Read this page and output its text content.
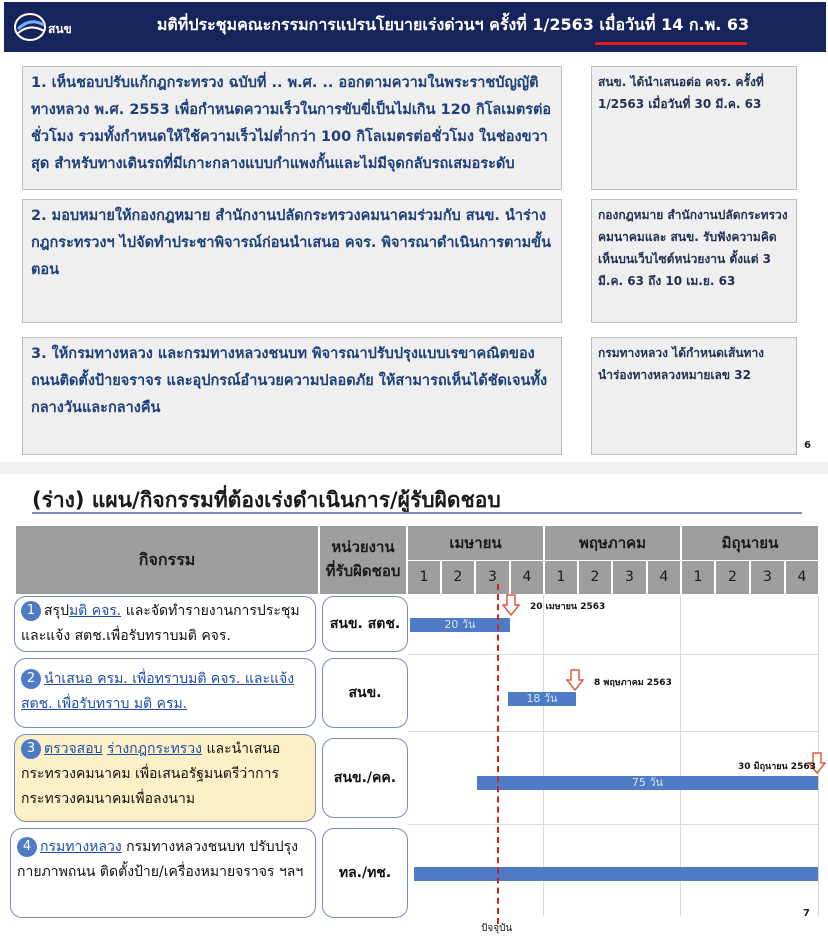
สนข	มติที่ประชุมคณะกรรมการแปรนโยบายเร่งด่วนฯ ครั้งที่ 1/2563 เมื่อวันที่ 14 ก.พ. 63
1. เห็นชอบปรับแก้กฎกระทรวง ฉบับที่ .. พ.ศ. .. ออกตามความในพระราชบัญญัติทางหลวง พ.ศ. 2553 เพื่อกำหนดความเร็วในการขับขี่เป็นไม่เกิน 120 กิโลเมตรต่อชั่วโมง รวมทั้งกำหนดให้ใช้ความเร็วไม่ต่ำกว่า 100 กิโลเมตรต่อชั่วโมง ในช่องขวาสุด สำหรับทางเดินรถที่มีเกาะกลางแบบกำแพงกั้นและไม่มีจุดกลับรถเสมอระดับ
สนข. ได้นำเสนอต่อ คจร. ครั้งที่ 1/2563 เมื่อวันที่ 30 มี.ค. 63
2. มอบหมายให้กองกฎหมาย สำนักงานปลัดกระทรวงคมนาคมร่วมกับ สนข. นำร่างกฎกระทรวงฯ ไปจัดทำประชาพิจารณ์ก่อนนำเสนอ คจร. พิจารณาดำเนินการตามขั้นตอน
กองกฎหมาย สำนักงานปลัดกระทรวงคมนาคมและ สนข. รับฟังความคิดเห็นบนเว็บไซต์หน่วยงาน ตั้งแต่ 3 มี.ค. 63 ถึง 10 เม.ย. 63
3. ให้กรมทางหลวง และกรมทางหลวงชนบท พิจารณาปรับปรุงแบบเรขาคณิตของถนนติดตั้งป้ายจราจร และอุปกรณ์อำนวยความปลอดภัย ให้สามารถเห็นได้ชัดเจนทั้งกลางวันและกลางคืน
กรมทางหลวง ได้กำหนดเส้นทางนำร่องทางหลวงหมายเลข 32
6
(ร่าง) แผน/กิจกรรมที่ต้องเร่งดำเนินการ/ผู้รับผิดชอบ
กิจกรรม
หน่วยงาน
ที่รับผิดชอบ
เมษายน	พฤษภาคม	มิถุนายน
1	2	3	4	1	2	3	4	1	2	3	4
1 สรุปมติ คจร. และจัดทำรายงานการประชุมและแจ้ง สตช.เพื่อรับทราบมติ คจร.
สนข. สตช.	20 วัน
20 เมษายน 2563
2 นำเสนอ ครม. เพื่อทราบมติ คจร. และแจ้ง สตช. เพื่อรับทราบ มติ ครม.
สนข.	18 วัน
8 พฤษภาคม 2563
3 ตรวจสอบ ร่างกฎกระทรวง และนำเสนอกระทรวงคมนาคม เพื่อเสนอรัฐมนตรีว่าการกระทรวงคมนาคมเพื่อลงนาม
สนข./คค.	75 วัน
30 มิถุนายน 2563
4 กรมทางหลวง กรมทางหลวงชนบท ปรับปรุงกายภาพถนน ติดตั้งป้าย/เครื่องหมายจราจร ฯลฯ	ทล./ทช.
ปัจจุบัน
7
